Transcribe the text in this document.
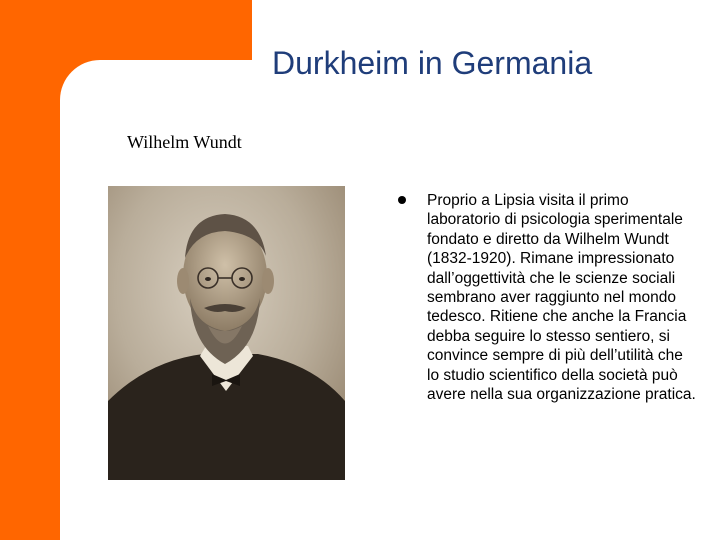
Durkheim in Germania
Wilhelm Wundt
Proprio a Lipsia visita il primo laboratorio di psicologia sperimentale fondato e diretto da Wilhelm Wundt (1832-1920). Rimane impressionato dall’oggettività che le scienze sociali sembrano aver raggiunto nel mondo tedesco. Ritiene che anche la Francia debba seguire lo stesso sentiero, si convince sempre di più dell’utilità che lo studio scientifico della società può avere nella sua organizzazione pratica.
